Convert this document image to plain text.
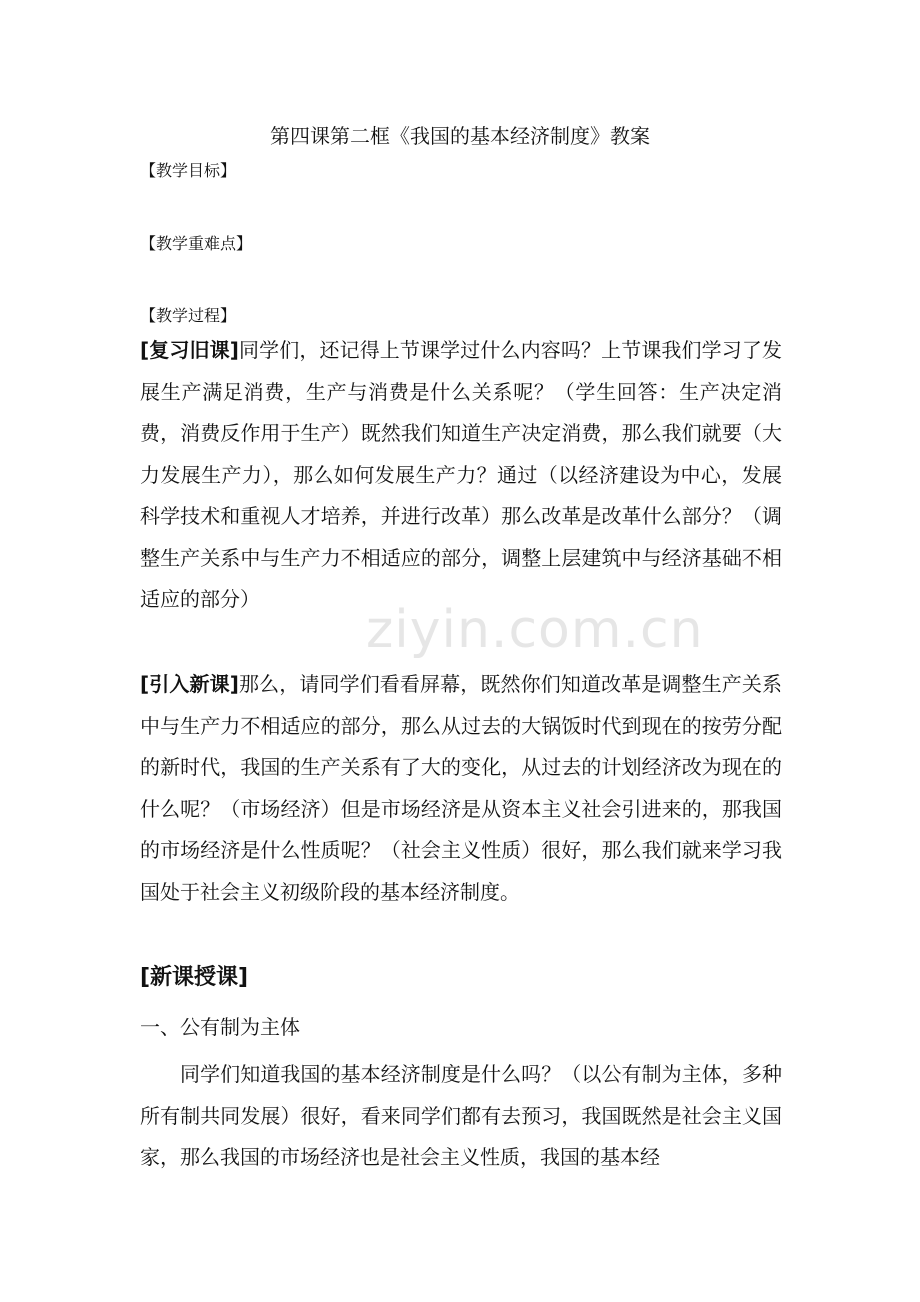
ziyin.com.cn
第四课第二框《我国的基本经济制度》教案
【教学目标】
【教学重难点】
【教学过程】
[复习旧课]同学们，还记得上节课学过什么内容吗？上节课我们学习了发展生产满足消费，生产与消费是什么关系呢？（学生回答：生产决定消费，消费反作用于生产）既然我们知道生产决定消费，那么我们就要（大力发展生产力），那么如何发展生产力？通过（以经济建设为中心，发展科学技术和重视人才培养，并进行改革）那么改革是改革什么部分？（调整生产关系中与生产力不相适应的部分，调整上层建筑中与经济基础不相适应的部分）
[引入新课]那么，请同学们看看屏幕，既然你们知道改革是调整生产关系中与生产力不相适应的部分，那么从过去的大锅饭时代到现在的按劳分配的新时代，我国的生产关系有了大的变化，从过去的计划经济改为现在的什么呢？（市场经济）但是市场经济是从资本主义社会引进来的，那我国的市场经济是什么性质呢？（社会主义性质）很好，那么我们就来学习我国处于社会主义初级阶段的基本经济制度。
[新课授课]
一、公有制为主体
同学们知道我国的基本经济制度是什么吗？（以公有制为主体，多种所有制共同发展）很好，看来同学们都有去预习，我国既然是社会主义国家，那么我国的市场经济也是社会主义性质，我国的基本经
